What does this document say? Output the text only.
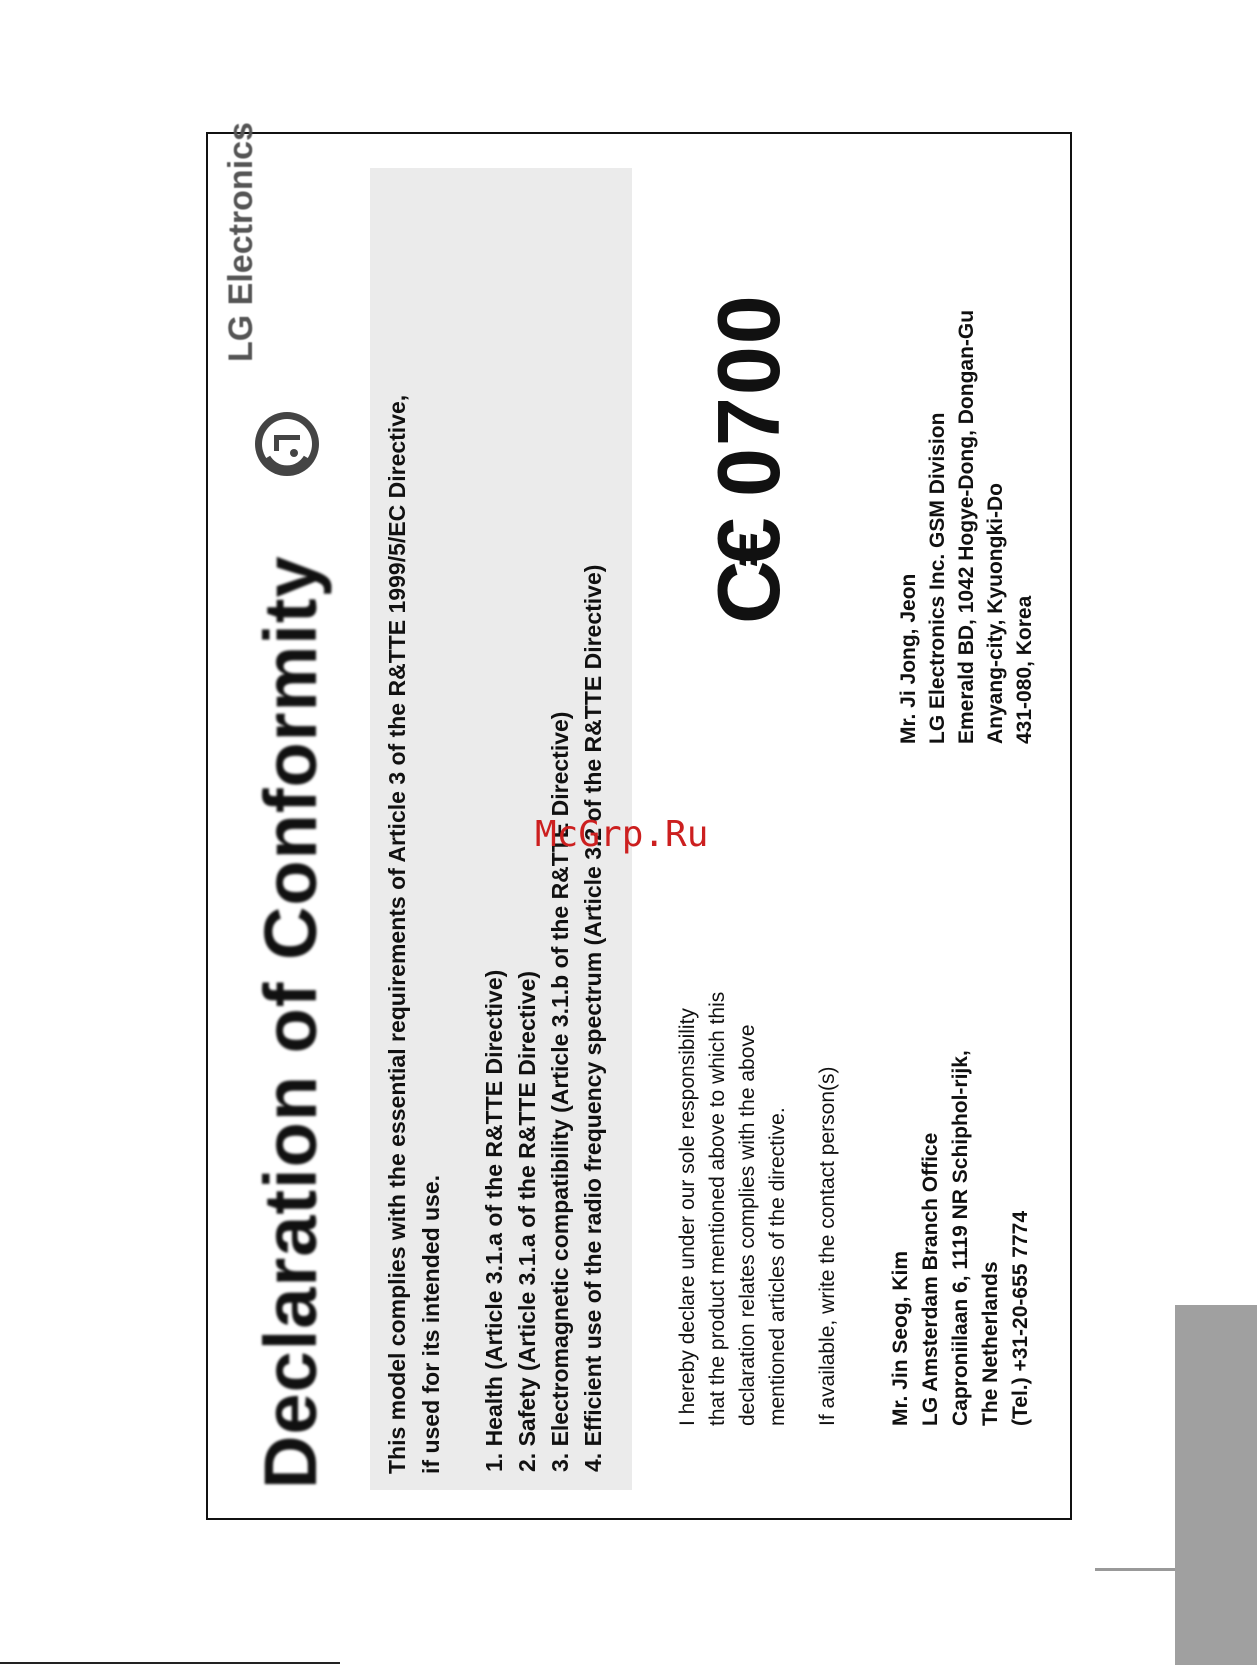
Declaration of Conformity
LG Electronics
This model complies with the essential requirements of Article 3 of the R&TTE 1999/5/EC Directive, if used for its intended use. 1. Health (Article 3.1.a of the R&TTE Directive) 2. Safety (Article 3.1.a of the R&TTE Directive) 3. Electromagnetic compatibility (Article 3.1.b of the R&TTE Directive) 4. Efficient use of the radio frequency spectrum (Article 3.2 of the R&TTE Directive) C€ 0700
I hereby declare under our sole responsibility that the product mentioned above to which this declaration relates complies with the above mentioned articles of the directive. If available, write the contact person(s) Mr. Jin Seog, Kim LG Amsterdam Branch Office Caproniilaan 6, 1119 NR Schiphol-rijk, The Netherlands (Tel.) +31-20-655 7774
Mr. Ji Jong, Jeon LG Electronics Inc. GSM Division Emerald BD, 1042 Hogye-Dong, Dongan-Gu Anyang-city, Kyuongki-Do 431-080, Korea
McGrp.Ru
